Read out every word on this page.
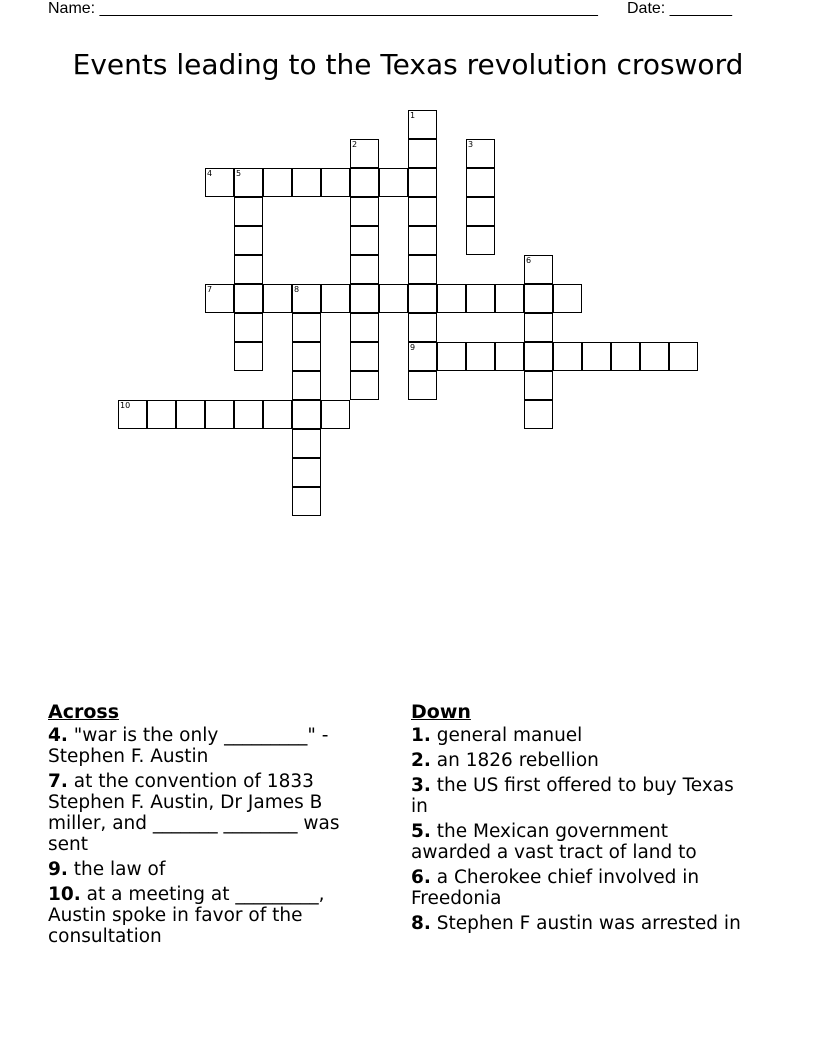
Name: ________________________________________________________ Date: _______
Events leading to the Texas revolution crosword
1
9
2	3
4	5
6
7	8
10
Across
4. "war is the only _________" - Stephen F. Austin
7. at the convention of 1833 Stephen F. Austin, Dr James B miller, and _______ ________ was sent
9. the law of
10. at a meeting at _________, Austin spoke in favor of the consultation
Down
1. general manuel
2. an 1826 rebellion
3. the US first offered to buy Texas in
5. the Mexican government awarded a vast tract of land to
6. a Cherokee chief involved in Freedonia
8. Stephen F austin was arrested in
